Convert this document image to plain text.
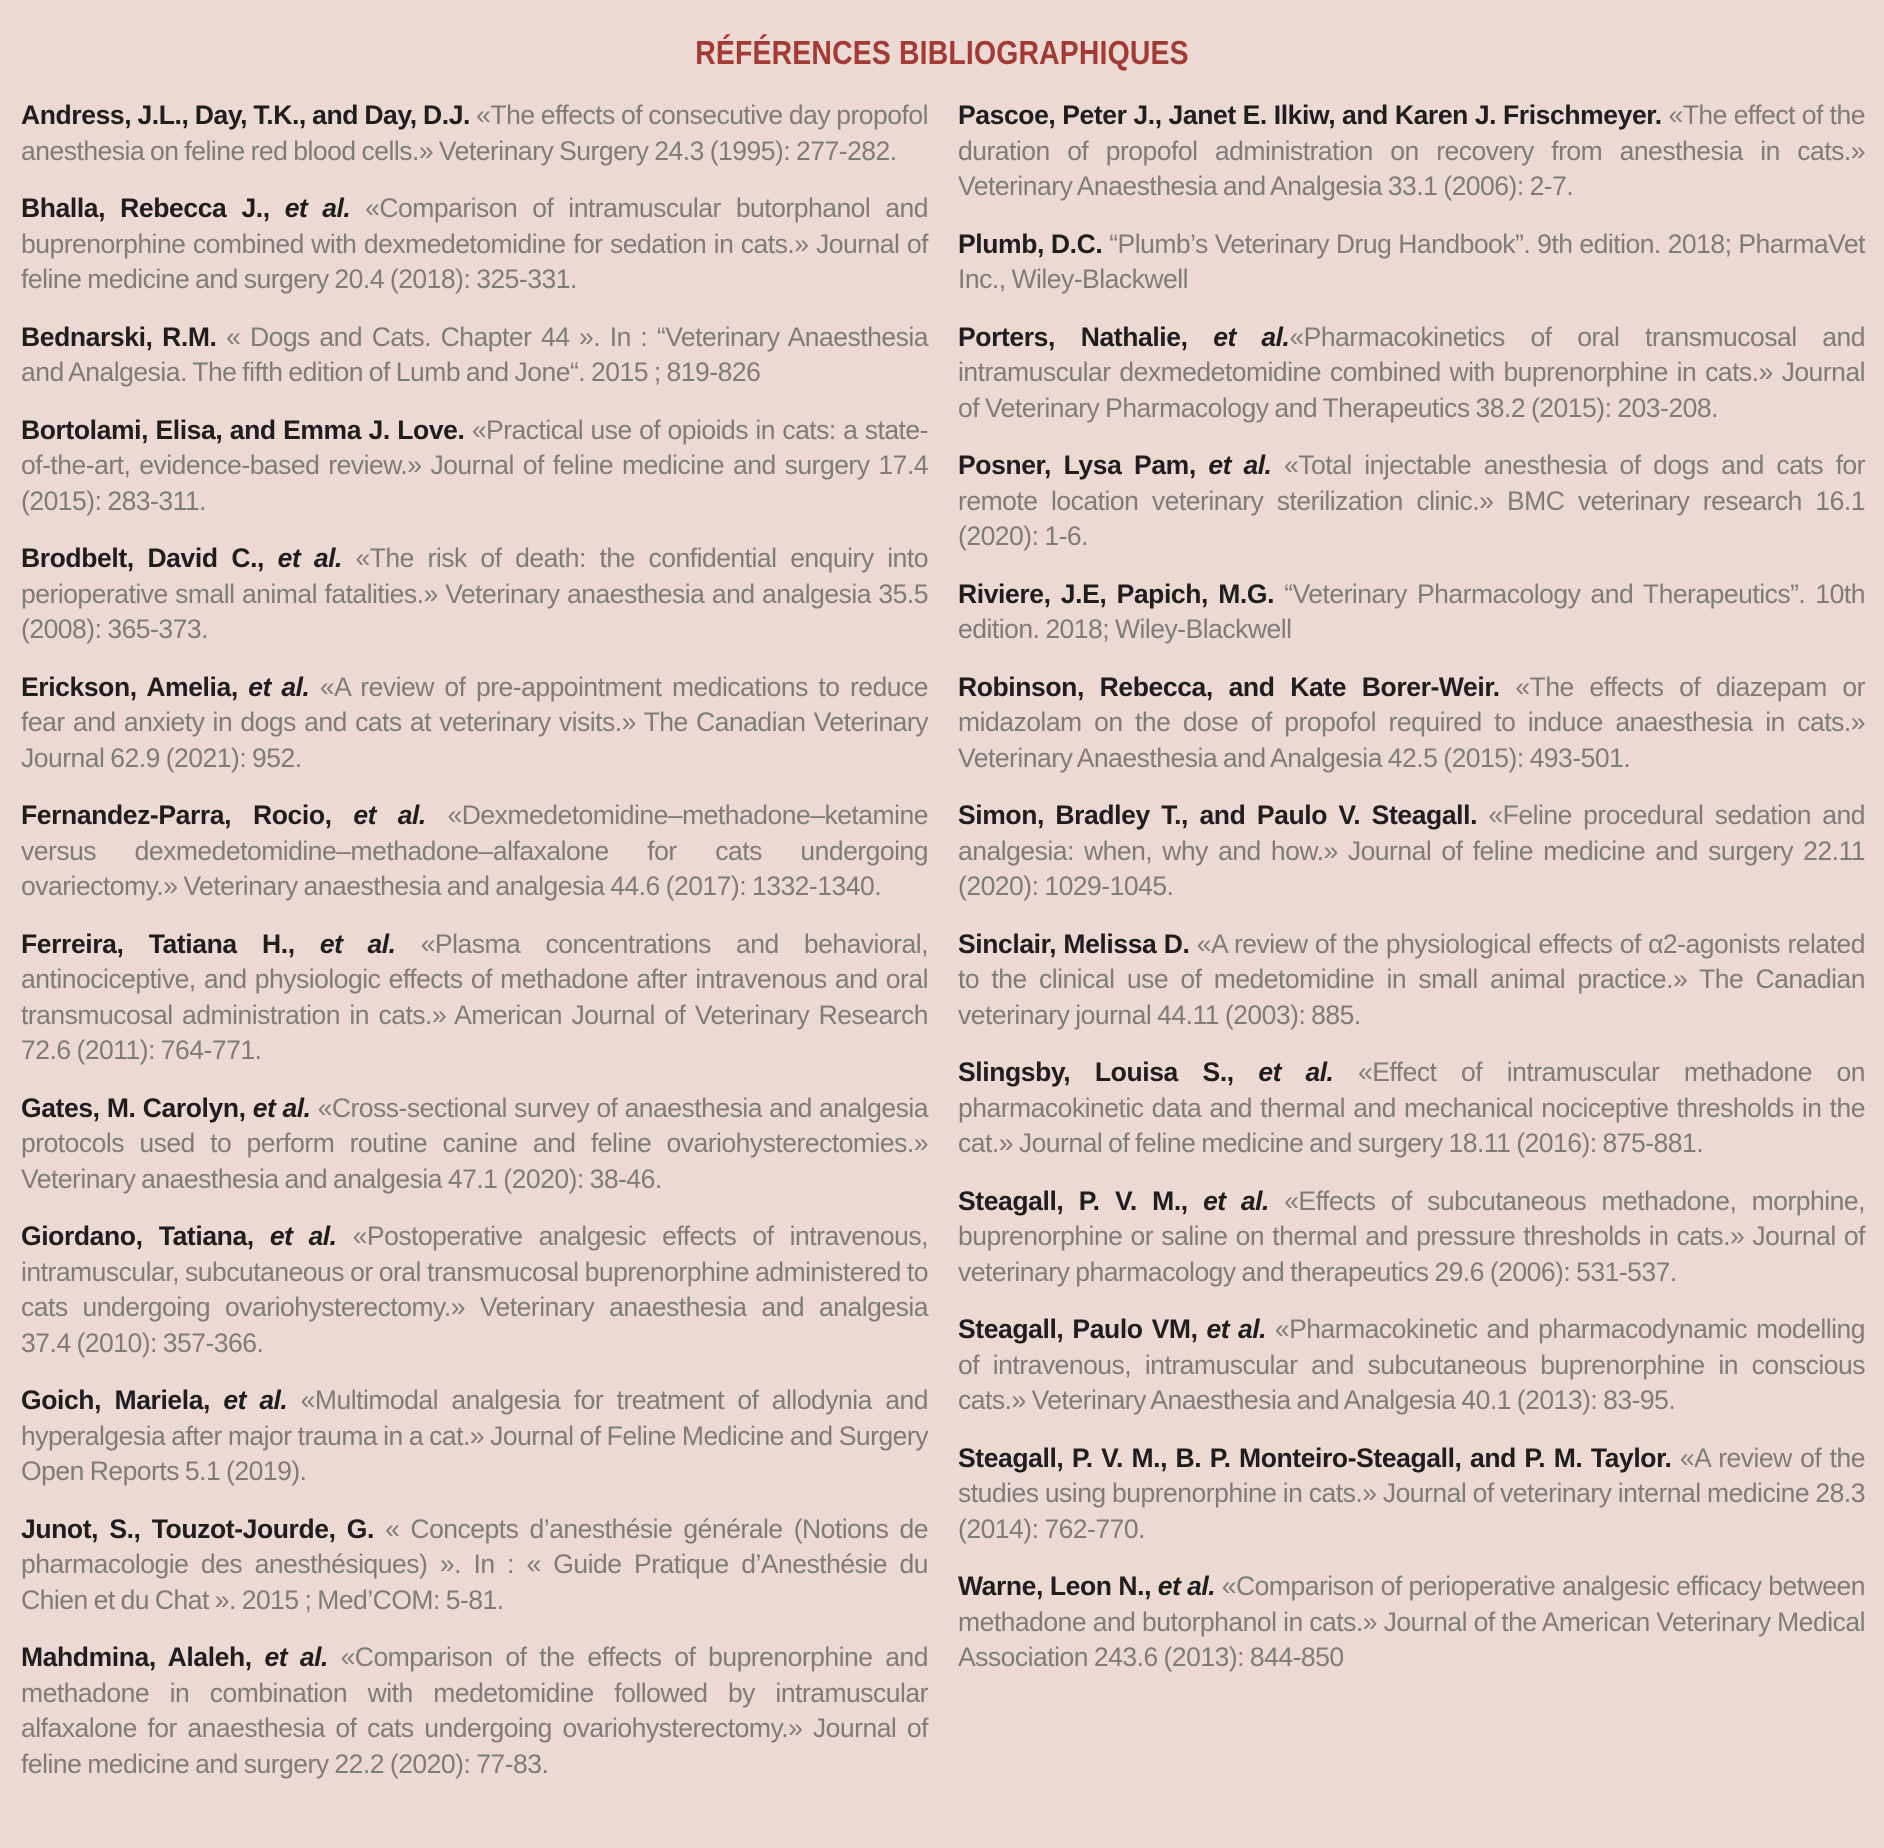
RÉFÉRENCES BIBLIOGRAPHIQUES

Andress, J.L., Day, T.K., and Day, D.J. «The effects of consecutive day propofol anesthesia on feline red blood cells.» Veterinary Surgery 24.3 (1995): 277-282.

Bhalla, Rebecca J., et al. «Comparison of intramuscular butorphanol and buprenorphine combined with dexmedetomidine for sedation in cats.» Journal of feline medicine and surgery 20.4 (2018): 325-331.

Bednarski, R.M. « Dogs and Cats. Chapter 44 ». In : “Veterinary Anaesthesia and Analgesia. The fifth edition of Lumb and Jone“. 2015 ; 819-826

Bortolami, Elisa, and Emma J. Love. «Practical use of opioids in cats: a state-of-the-art, evidence-based review.» Journal of feline medicine and surgery 17.4 (2015): 283-311.

Brodbelt, David C., et al. «The risk of death: the confidential enquiry into perioperative small animal fatalities.» Veterinary anaesthesia and analgesia 35.5 (2008): 365-373.

Erickson, Amelia, et al. «A review of pre-appointment medications to reduce fear and anxiety in dogs and cats at veterinary visits.» The Canadian Veterinary Journal 62.9 (2021): 952.

Fernandez-Parra, Rocio, et al. «Dexmedetomidine–methadone–ketamine versus dexmedetomidine–methadone–alfaxalone for cats undergoing ovariectomy.» Veterinary anaesthesia and analgesia 44.6 (2017): 1332-1340.

Ferreira, Tatiana H., et al. «Plasma concentrations and behavioral, antinociceptive, and physiologic effects of methadone after intravenous and oral transmucosal administration in cats.» American Journal of Veterinary Research 72.6 (2011): 764-771.

Gates, M. Carolyn, et al. «Cross-sectional survey of anaesthesia and analgesia protocols used to perform routine canine and feline ovariohysterectomies.» Veterinary anaesthesia and analgesia 47.1 (2020): 38-46.

Giordano, Tatiana, et al. «Postoperative analgesic effects of intravenous, intramuscular, subcutaneous or oral transmucosal buprenorphine administered to cats undergoing ovariohysterectomy.» Veterinary anaesthesia and analgesia 37.4 (2010): 357-366.

Goich, Mariela, et al. «Multimodal analgesia for treatment of allodynia and hyperalgesia after major trauma in a cat.» Journal of Feline Medicine and Surgery Open Reports 5.1 (2019).

Junot, S., Touzot-Jourde, G. « Concepts d’anesthésie générale (Notions de pharmacologie des anesthésiques) ». In : « Guide Pratique d’Anesthésie du Chien et du Chat ». 2015 ; Med’COM: 5-81.

Mahdmina, Alaleh, et al. «Comparison of the effects of buprenorphine and methadone in combination with medetomidine followed by intramuscular alfaxalone for anaesthesia of cats undergoing ovariohysterectomy.» Journal of feline medicine and surgery 22.2 (2020): 77-83.

Pascoe, Peter J., Janet E. Ilkiw, and Karen J. Frischmeyer. «The effect of the duration of propofol administration on recovery from anesthesia in cats.» Veterinary Anaesthesia and Analgesia 33.1 (2006): 2-7.

Plumb, D.C. “Plumb’s Veterinary Drug Handbook”. 9th edition. 2018; PharmaVet Inc., Wiley-Blackwell

Porters, Nathalie, et al.«Pharmacokinetics of oral transmucosal and intramuscular dexmedetomidine combined with buprenorphine in cats.» Journal of Veterinary Pharmacology and Therapeutics 38.2 (2015): 203-208.

Posner, Lysa Pam, et al. «Total injectable anesthesia of dogs and cats for remote location veterinary sterilization clinic.» BMC veterinary research 16.1 (2020): 1-6.

Riviere, J.E, Papich, M.G. “Veterinary Pharmacology and Therapeutics”. 10th edition. 2018; Wiley-Blackwell

Robinson, Rebecca, and Kate Borer-Weir. «The effects of diazepam or midazolam on the dose of propofol required to induce anaesthesia in cats.» Veterinary Anaesthesia and Analgesia 42.5 (2015): 493-501.

Simon, Bradley T., and Paulo V. Steagall. «Feline procedural sedation and analgesia: when, why and how.» Journal of feline medicine and surgery 22.11 (2020): 1029-1045.

Sinclair, Melissa D. «A review of the physiological effects of α2-agonists related to the clinical use of medetomidine in small animal practice.» The Canadian veterinary journal 44.11 (2003): 885.

Slingsby, Louisa S., et al. «Effect of intramuscular methadone on pharmacokinetic data and thermal and mechanical nociceptive thresholds in the cat.» Journal of feline medicine and surgery 18.11 (2016): 875-881.

Steagall, P. V. M., et al. «Effects of subcutaneous methadone, morphine, buprenorphine or saline on thermal and pressure thresholds in cats.» Journal of veterinary pharmacology and therapeutics 29.6 (2006): 531-537.

Steagall, Paulo VM, et al. «Pharmacokinetic and pharmacodynamic modelling of intravenous, intramuscular and subcutaneous buprenorphine in conscious cats.» Veterinary Anaesthesia and Analgesia 40.1 (2013): 83-95.

Steagall, P. V. M., B. P. Monteiro-Steagall, and P. M. Taylor. «A review of the studies using buprenorphine in cats.» Journal of veterinary internal medicine 28.3 (2014): 762-770.

Warne, Leon N., et al. «Comparison of perioperative analgesic efficacy between methadone and butorphanol in cats.» Journal of the American Veterinary Medical Association 243.6 (2013): 844-850
